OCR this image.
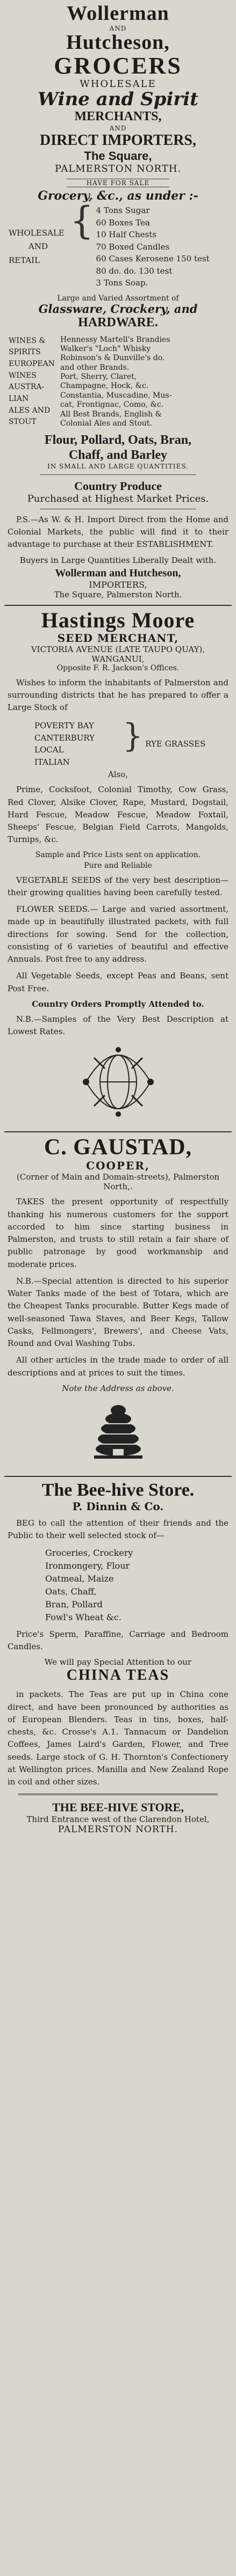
Wollerman
AND
Hutcheson,
GROCERS
WHOLESALE
Wine and Spirit
MERCHANTS,
AND
DIRECT IMPORTERS,
The Square,
PALMERSTON NORTH.
HAVE FOR SALE
Grocery, &c., as under :-
WHOLESALE
AND
RETAIL
	{	4 Tons Sugar
60 Boxes Tea
10 Half Chests
70 Boxed Candles
60 Cases Kerosene 150 test
80 do. do. 130 test
3 Tons Soap.
Large and Varied Assortment of
Glassware, Crockery, and
HARDWARE.
WINES &
SPIRITS
EUROPEAN
WINES
AUSTRA-
LIAN
ALES AND
STOUT

Hennessy Martell's Brandies
Walker's "Loch" Whisky
Robinson's & Dunville's do.
and other Brands.
Port, Sherry, Claret,
Champagne, Hock, &c.
Constantia, Muscadine, Mus-
cat, Frontignac, Como, &c.
All Best Brands, English &
Colonial Ales and Stout.
Flour, Pollard, Oats, Bran,
Chaff, and Barley
IN SMALL AND LARGE QUANTITIES.
Country Produce
Purchased at Highest Market Prices.
P.S.—As W. & H. Import Direct from the Home and Colonial Markets, the public will find it to their advantage to purchase at their ESTABLISHMENT.
Buyers in Large Quantities Liberally Dealt with.
Wollerman and Hutcheson,
IMPORTERS,
The Square, Palmerston North.
Hastings Moore
SEED MERCHANT,
VICTORIA AVENUE (LATE TAUPO QUAY), WANGANUI,
Opposite F. R. Jackson's Offices.
Wishes to inform the inhabitants of Palmerston and surrounding districts that he has prepared to offer a Large Stock of
POVERTY BAY
CANTERBURY
LOCAL
ITALIAN
	}	RYE GRASSES
Also,
Prime, Cocksfoot, Colonial Timothy, Cow Grass, Red Clover, Alsike Clover, Rape, Mustard, Dogstail, Hard Fescue, Meadow Fescue, Meadow Foxtail, Sheeps' Fescue, Belgian Field Carrots, Mangolds, Turnips, &c.
Sample and Price Lists sent on application.
Pure and Reliable
VEGETABLE SEEDS of the very best description—their growing qualities having been carefully tested.
FLOWER SEEDS.— Large and varied assortment, made up in beautifully illustrated packets, with full directions for sowing. Send for the collection, consisting of 6 varieties of beautiful and effective Annuals. Post free to any address.
All Vegetable Seeds, except Peas and Beans, sent Post Free.
Country Orders Promptly Attended to.
N.B.—Samples of the Very Best Description at Lowest Rates.
C. GAUSTAD,
COOPER,
(Corner of Main and Domain-streets), Palmerston North,.
TAKES the present opportunity of respectfully thanking his numerous customers for the support accorded to him since starting business in Palmerston, and trusts to still retain a fair share of public patronage by good workmanship and moderate prices.
N.B.—Special attention is directed to his superior Water Tanks made of the best of Totara, which are the Cheapest Tanks procurable. Butter Kegs made of well-seasoned Tawa Staves, and Beer Kegs, Tallow Casks, Fellmongers', Brewers', and Cheese Vats, Round and Oval Washing Tubs.
All other articles in the trade made to order of all descriptions and at prices to suit the times.
Note the Address as above.
The Bee-hive Store.
P. Dinnin & Co.
BEG to call the attention of their friends and the Public to their well selected stock of—
Groceries, Crockery
Ironmongery, Flour
Oatmeal, Maize
Oats, Chaff,
Bran, Pollard
Fowl's Wheat &c.
Price's Sperm, Paraffine, Carriage and Bedroom Candles.
We will pay Special Attention to our
CHINA TEAS
in packets. The Teas are put up in China cone direct, and have been pronounced by authorities as of European Blenders. Teas in tins, boxes, half-chests, &c. Crosse's A.1. Tannacum or Dandelion Coffees, James Laird's Garden, Flower, and Tree seeds. Large stock of G. H. Thornton's Confectionery at Wellington prices. Manilla and New Zealand Rope in coil and other sizes.
THE BEE-HIVE STORE,
Third Entrance west of the Clarendon Hotel,
PALMERSTON NORTH.
